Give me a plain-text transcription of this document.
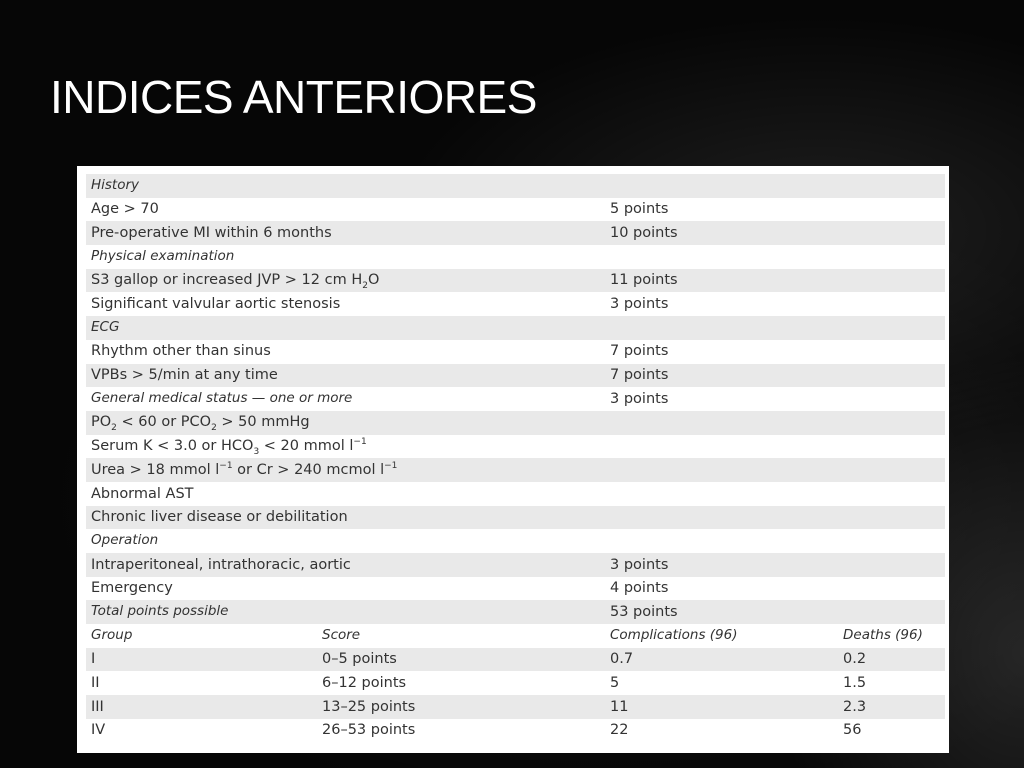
INDICES ANTERIORES
History			
Age > 70		5 points	
Pre-operative MI within 6 months		10 points	
Physical examination			
S3 gallop or increased JVP > 12 cm $H_2O$		11 points	
Significant valvular aortic stenosis		3 points	
ECG			
Rhythm other than sinus		7 points	
VPBs > 5/min at any time		7 points	
General medical status — one or more		3 points	
$PO_2 < 60$ or $PCO_2 > 50$ mmHg			
Serum K < 3.0 or $HCO_3 < 20$ mmol $l^{-1}$
Urea > 18 mmol $l^{-1}$ or Cr > 240 mcmol $l^{-1}$
Abnormal AST			
Chronic liver disease or debilitation			
Operation			
Intraperitoneal, intrathoracic, aortic		3 points	
Emergency		4 points	
Total points possible		53 points	
Group	Score	Complications (96)	Deaths (96)
I	0–5 points	0.7	0.2
II	6–12 points	5	1.5
III	13–25 points	11	2.3
IV	26–53 points	22	56
